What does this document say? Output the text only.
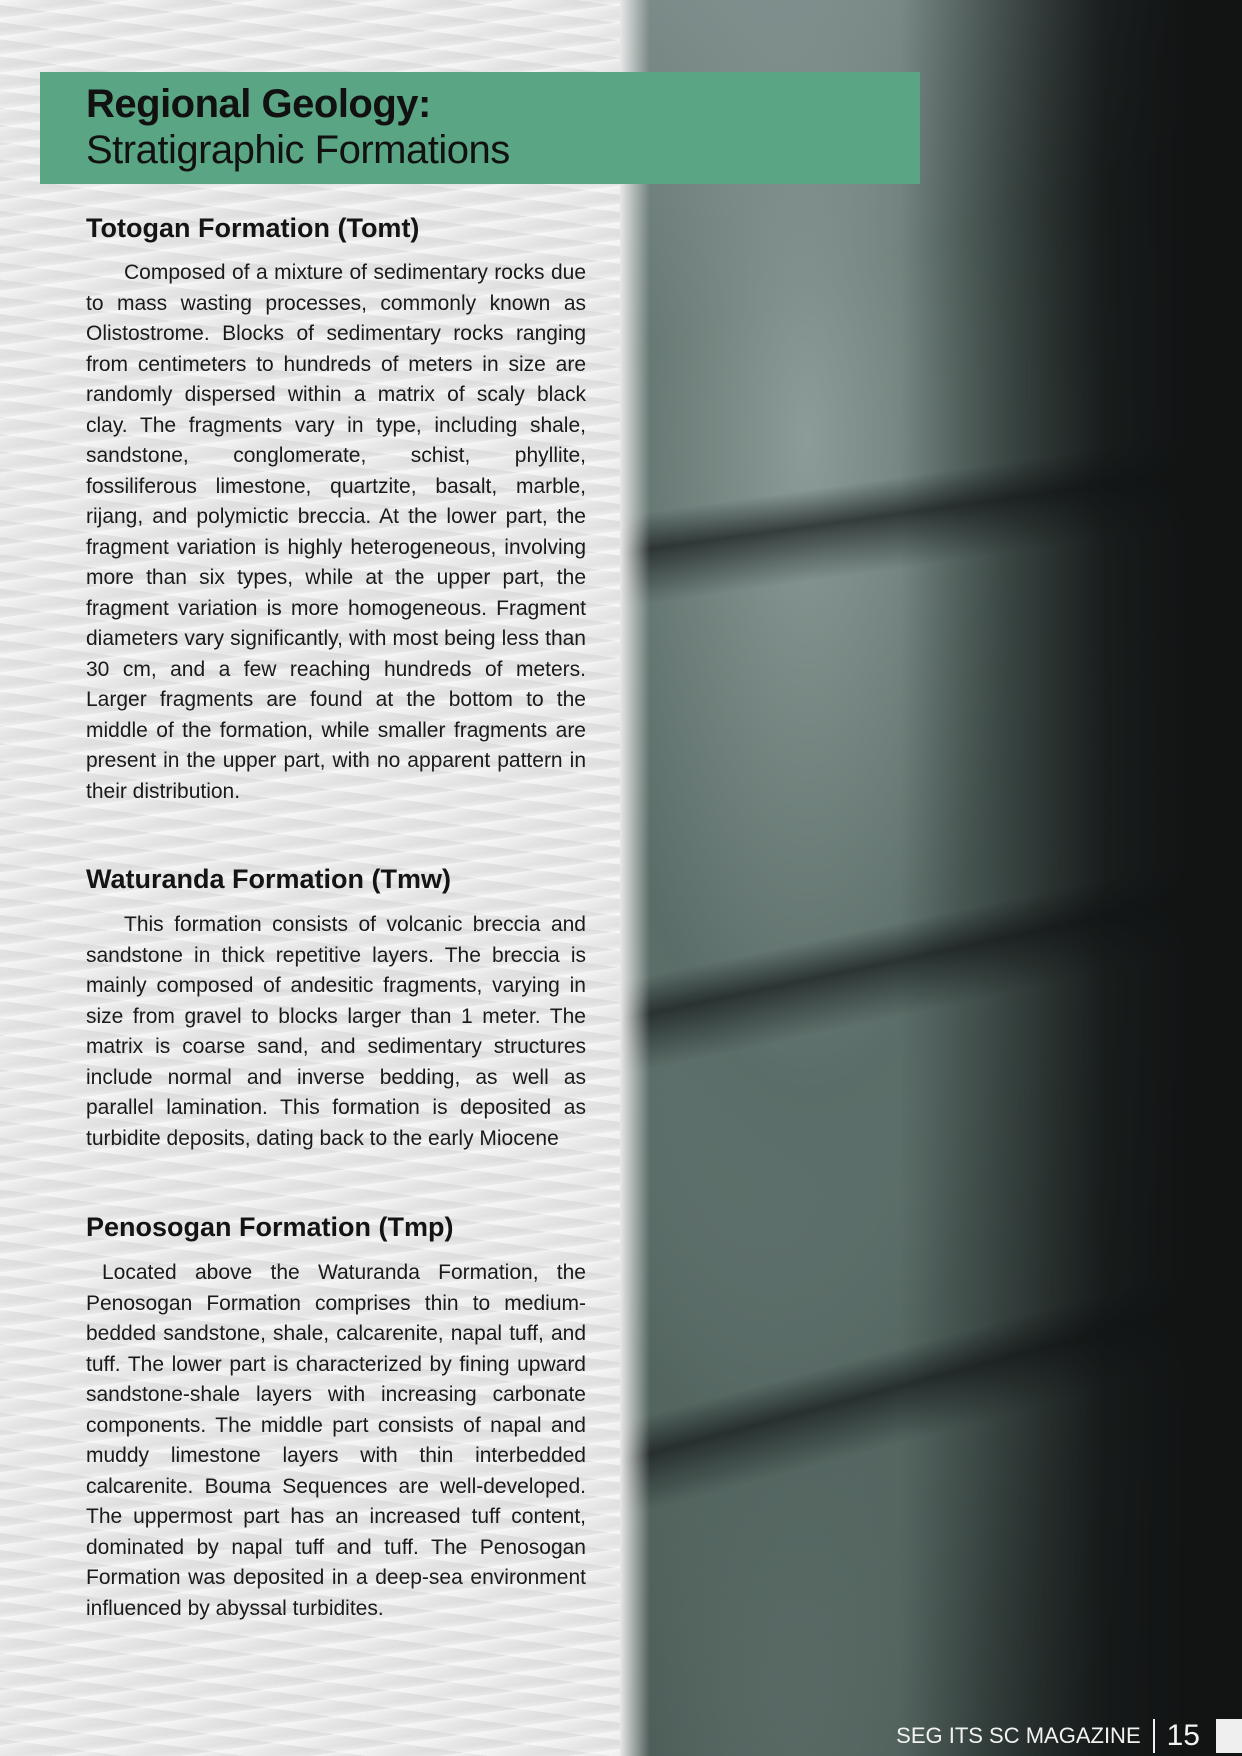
Regional Geology:
Stratigraphic Formations
Totogan Formation (Tomt)

Composed of a mixture of sedimentary rocks due to mass wasting processes, commonly known as Olistostrome. Blocks of sedimentary rocks ranging from centimeters to hundreds of meters in size are randomly dispersed within a matrix of scaly black clay. The fragments vary in type, including shale, sandstone, conglomerate, schist, phyllite, fossiliferous limestone, quartzite, basalt, marble, rijang, and polymictic breccia. At the lower part, the fragment variation is highly heterogeneous, involving more than six types, while at the upper part, the fragment variation is more homogeneous. Fragment diameters vary significantly, with most being less than 30 cm, and a few reaching hundreds of meters. Larger fragments are found at the bottom to the middle of the formation, while smaller fragments are present in the upper part, with no apparent pattern in their distribution.

Waturanda Formation (Tmw)

This formation consists of volcanic breccia and sandstone in thick repetitive layers. The breccia is mainly composed of andesitic fragments, varying in size from gravel to blocks larger than 1 meter. The matrix is coarse sand, and sedimentary structures include normal and inverse bedding, as well as parallel lamination. This formation is deposited as turbidite deposits, dating back to the early Miocene

Penosogan Formation (Tmp)

Located above the Waturanda Formation, the Penosogan Formation comprises thin to medium-bedded sandstone, shale, calcarenite, napal tuff, and tuff. The lower part is characterized by fining upward sandstone-shale layers with increasing carbonate components. The middle part consists of napal and muddy limestone layers with thin interbedded calcarenite. Bouma Sequences are well-developed. The uppermost part has an increased tuff content, dominated by napal tuff and tuff. The Penosogan Formation was deposited in a deep-sea environment influenced by abyssal turbidites.

SEG ITS SC MAGAZINE 15
